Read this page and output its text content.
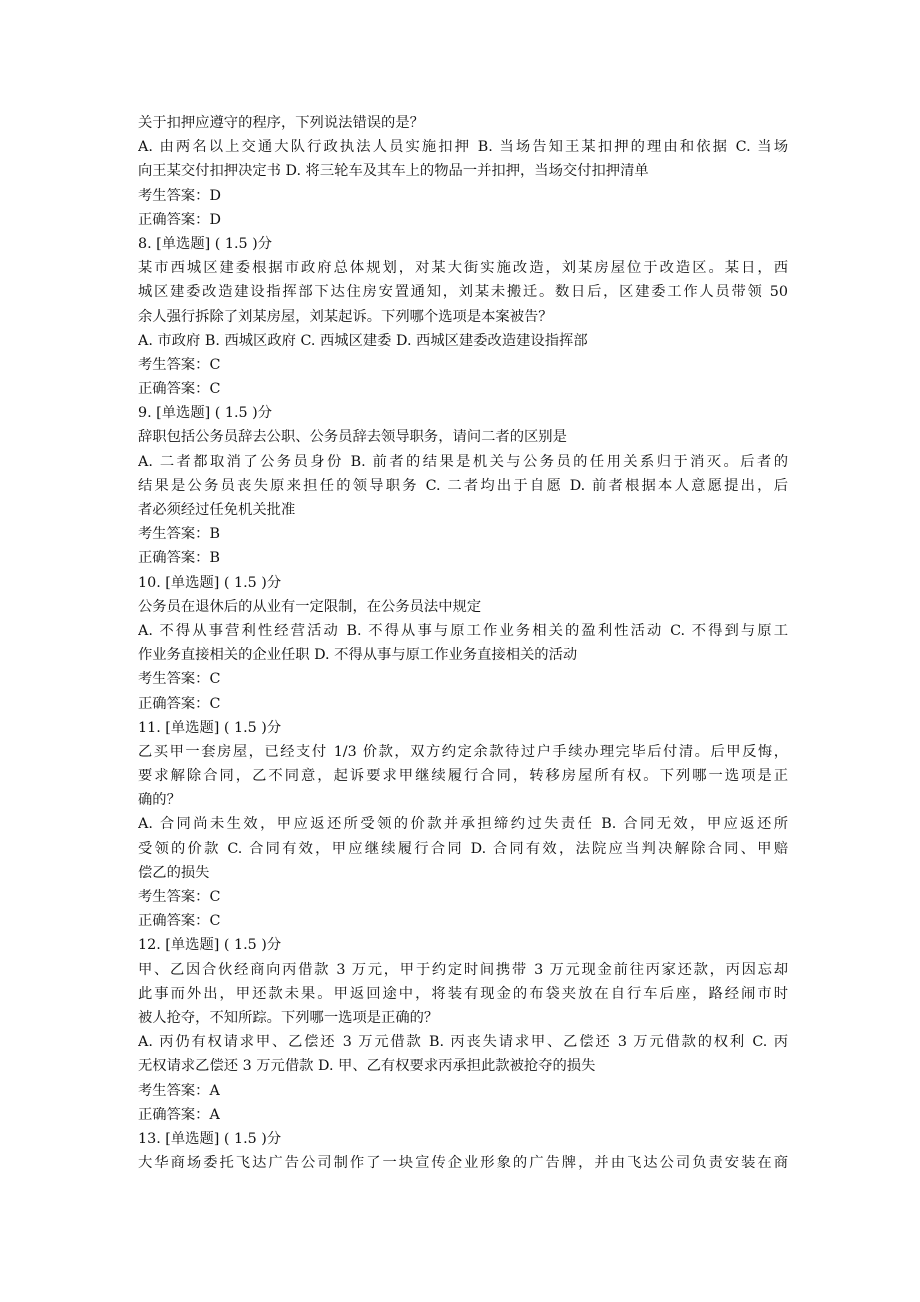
关于扣押应遵守的程序，下列说法错误的是？
A. 由两名以上交通大队行政执法人员实施扣押 B. 当场告知王某扣押的理由和依据 C. 当场
向王某交付扣押决定书 D. 将三轮车及其车上的物品一并扣押，当场交付扣押清单
考生答案：D
正确答案：D
8. [单选题] ( 1.5 )分
某市西城区建委根据市政府总体规划，对某大街实施改造，刘某房屋位于改造区。某日，西
城区建委改造建设指挥部下达住房安置通知，刘某未搬迁。数日后，区建委工作人员带领 50
余人强行拆除了刘某房屋，刘某起诉。下列哪个选项是本案被告？
A. 市政府 B. 西城区政府 C. 西城区建委 D. 西城区建委改造建设指挥部
考生答案：C
正确答案：C
9. [单选题] ( 1.5 )分
辞职包括公务员辞去公职、公务员辞去领导职务，请问二者的区别是
A. 二者都取消了公务员身份 B. 前者的结果是机关与公务员的任用关系归于消灭。后者的
结果是公务员丧失原来担任的领导职务 C. 二者均出于自愿 D. 前者根据本人意愿提出，后
者必须经过任免机关批准
考生答案：B
正确答案：B
10. [单选题] ( 1.5 )分
公务员在退休后的从业有一定限制，在公务员法中规定
A. 不得从事营利性经营活动 B. 不得从事与原工作业务相关的盈利性活动 C. 不得到与原工
作业务直接相关的企业任职 D. 不得从事与原工作业务直接相关的活动
考生答案：C
正确答案：C
11. [单选题] ( 1.5 )分
乙买甲一套房屋，已经支付 1/3 价款，双方约定余款待过户手续办理完毕后付清。后甲反悔，
要求解除合同，乙不同意，起诉要求甲继续履行合同，转移房屋所有权。下列哪一选项是正
确的？
A. 合同尚未生效，甲应返还所受领的价款并承担缔约过失责任 B. 合同无效，甲应返还所
受领的价款 C. 合同有效，甲应继续履行合同 D. 合同有效，法院应当判决解除合同、甲赔
偿乙的损失
考生答案：C
正确答案：C
12. [单选题] ( 1.5 )分
甲、乙因合伙经商向丙借款 3 万元，甲于约定时间携带 3 万元现金前往丙家还款，丙因忘却
此事而外出，甲还款未果。甲返回途中，将装有现金的布袋夹放在自行车后座，路经闹市时
被人抢夺，不知所踪。下列哪一选项是正确的？
A. 丙仍有权请求甲、乙偿还 3 万元借款 B. 丙丧失请求甲、乙偿还 3 万元借款的权利 C. 丙
无权请求乙偿还 3 万元借款 D. 甲、乙有权要求丙承担此款被抢夺的损失
考生答案：A
正确答案：A
13. [单选题] ( 1.5 )分
大华商场委托飞达广告公司制作了一块宣传企业形象的广告牌，并由飞达公司负责安装在商
